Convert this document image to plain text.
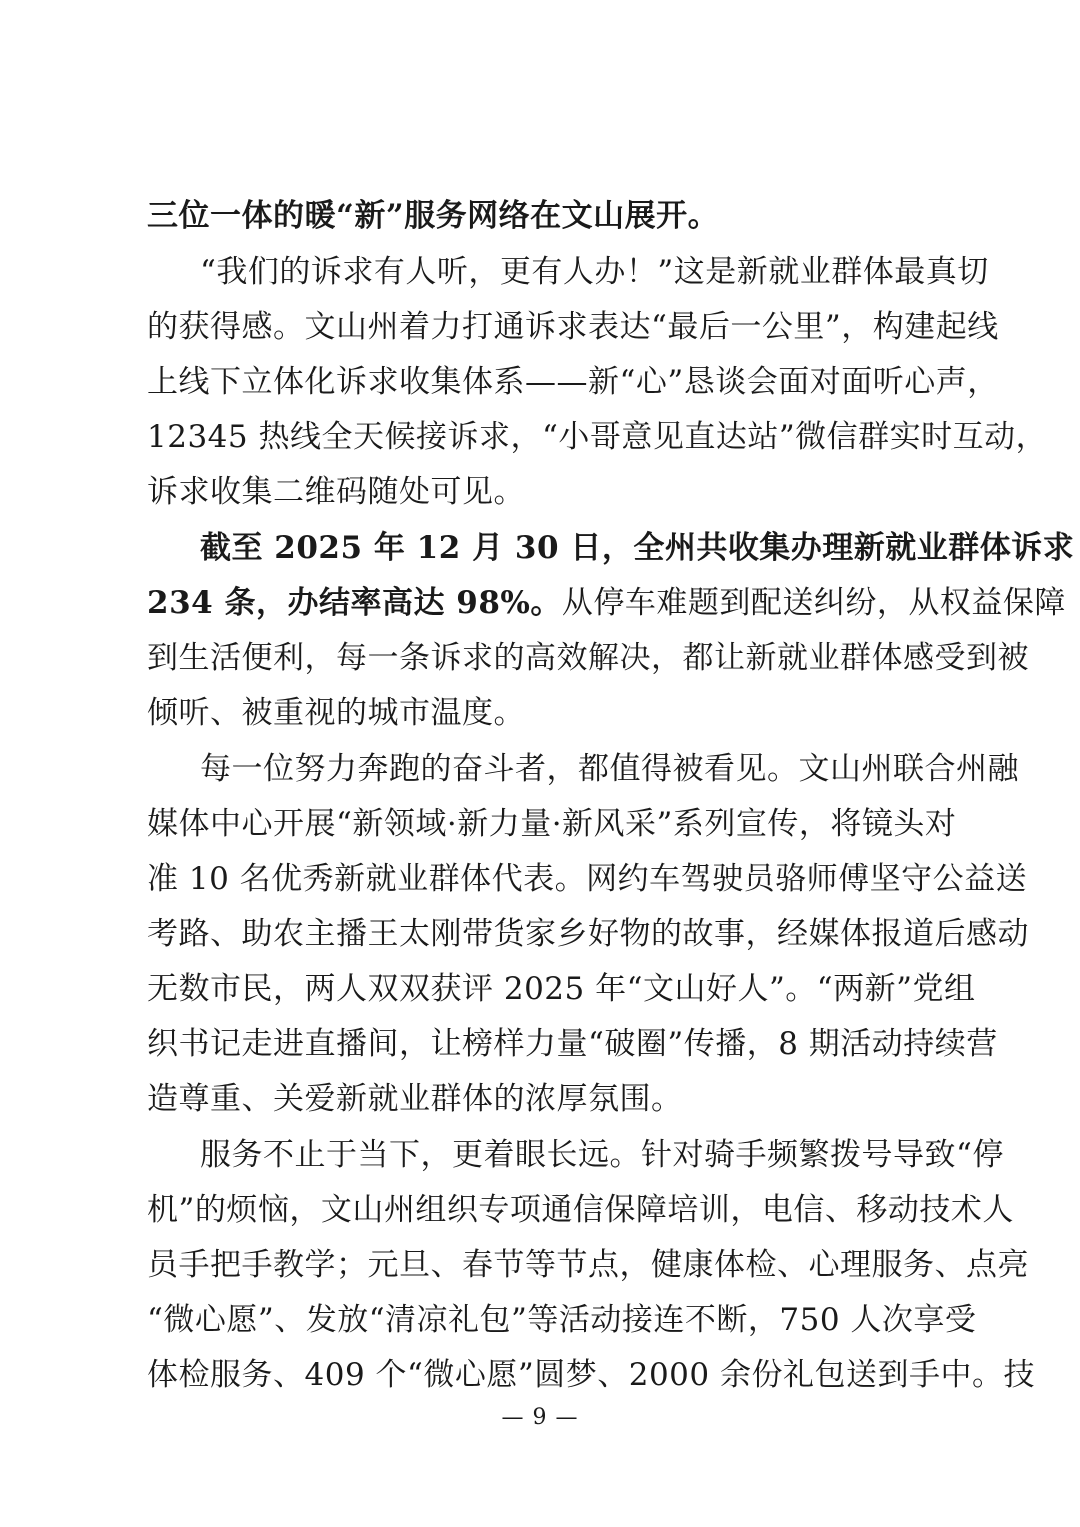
三位一体的暖“新”服务网络在文山展开。
“我们的诉求有人听，更有人办！”这是新就业群体最真切
的获得感。文山州着力打通诉求表达“最后一公里”，构建起线
上线下立体化诉求收集体系——新“心”恳谈会面对面听心声，
12345 热线全天候接诉求，“小哥意见直达站”微信群实时互动，
诉求收集二维码随处可见。
截至 2025 年 12 月 30 日，全州共收集办理新就业群体诉求
234 条，办结率高达 98%。从停车难题到配送纠纷，从权益保障
到生活便利，每一条诉求的高效解决，都让新就业群体感受到被
倾听、被重视的城市温度。
每一位努力奔跑的奋斗者，都值得被看见。文山州联合州融
媒体中心开展“新领域·新力量·新风采”系列宣传，将镜头对
准 10 名优秀新就业群体代表。网约车驾驶员骆师傅坚守公益送
考路、助农主播王太刚带货家乡好物的故事，经媒体报道后感动
无数市民，两人双双获评 2025 年“文山好人”。“两新”党组
织书记走进直播间，让榜样力量“破圈”传播，8 期活动持续营
造尊重、关爱新就业群体的浓厚氛围。
服务不止于当下，更着眼长远。针对骑手频繁拨号导致“停
机”的烦恼，文山州组织专项通信保障培训，电信、移动技术人
员手把手教学；元旦、春节等节点，健康体检、心理服务、点亮
“微心愿”、发放“清凉礼包”等活动接连不断，750 人次享受
体检服务、409 个“微心愿”圆梦、2000 余份礼包送到手中。技
— 9 —
